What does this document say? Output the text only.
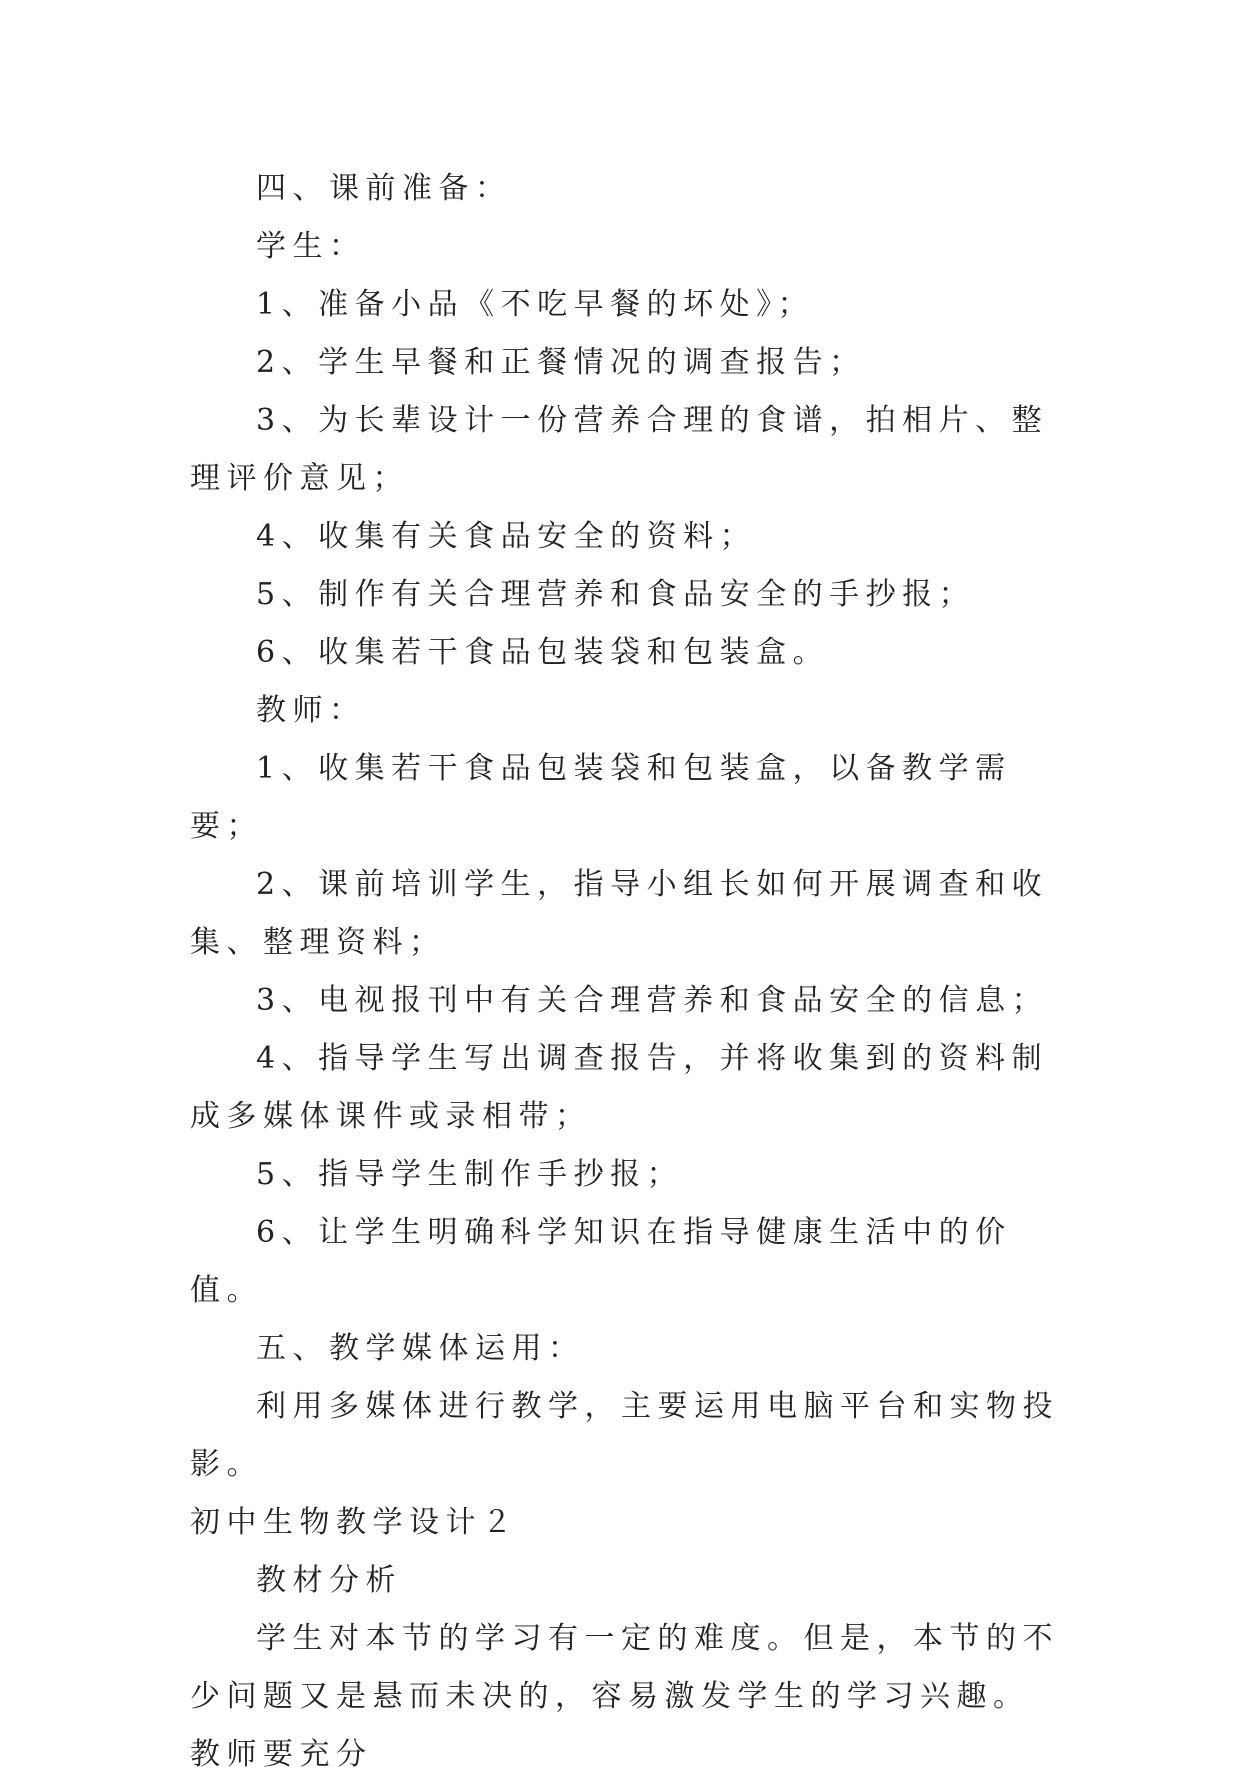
四、课前准备：

学生：

1、准备小品《不吃早餐的坏处》；

2、学生早餐和正餐情况的调查报告；

3、为长辈设计一份营养合理的食谱，拍相片、整理评价意见；

4、收集有关食品安全的资料；

5、制作有关合理营养和食品安全的手抄报；

6、收集若干食品包装袋和包装盒。

教师：

1、收集若干食品包装袋和包装盒，以备教学需要；

2、课前培训学生，指导小组长如何开展调查和收集、整理资料；

3、电视报刊中有关合理营养和食品安全的信息；

4、指导学生写出调查报告，并将收集到的资料制成多媒体课件或录相带；

5、指导学生制作手抄报；

6、让学生明确科学知识在指导健康生活中的价值。

五、教学媒体运用：

利用多媒体进行教学，主要运用电脑平台和实物投影。

初中生物教学设计２

教材分析

学生对本节的学习有一定的难度。但是，本节的不少问题又是悬而未决的，容易激发学生的学习兴趣。教师要充分
